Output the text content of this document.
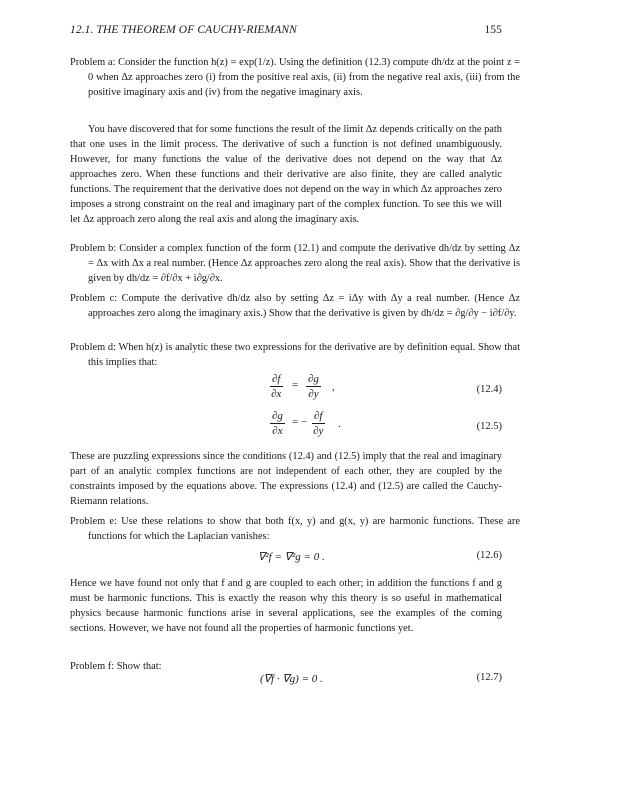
12.1. THE THEOREM OF CAUCHY-RIEMANN	155
Problem a: Consider the function h(z) = exp(1/z). Using the definition (12.3) compute dh/dz at the point z = 0 when Δz approaches zero (i) from the positive real axis, (ii) from the negative real axis, (iii) from the positive imaginary axis and (iv) from the negative imaginary axis.
You have discovered that for some functions the result of the limit Δz depends critically on the path that one uses in the limit process. The derivative of such a function is not defined unambiguously. However, for many functions the value of the derivative does not depend on the way that Δz approaches zero. When these functions and their derivative are also finite, they are called analytic functions. The requirement that the derivative does not depend on the way in which Δz approaches zero imposes a strong constraint on the real and imaginary part of the complex function. To see this we will let Δz approach zero along the real axis and along the imaginary axis.
Problem b: Consider a complex function of the form (12.1) and compute the derivative dh/dz by setting Δz = Δx with Δx a real number. (Hence Δz approaches zero along the real axis). Show that the derivative is given by dh/dz = ∂f/∂x + i∂g/∂x.
Problem c: Compute the derivative dh/dz also by setting Δz = iΔy with Δy a real number. (Hence Δz approaches zero along the imaginary axis.) Show that the derivative is given by dh/dz = ∂g/∂y − i∂f/∂y.
Problem d: When h(z) is analytic these two expressions for the derivative are by definition equal. Show that this implies that:
$\frac{\partial f}{\partial x} = \frac{\partial g}{\partial y}$ ,	(12.4)
$\frac{\partial g}{\partial x}$ = − $\frac{\partial f}{\partial y}$ .	(12.5)
These are puzzling expressions since the conditions (12.4) and (12.5) imply that the real and imaginary part of an analytic complex functions are not independent of each other, they are coupled by the constraints imposed by the equations above. The expressions (12.4) and (12.5) are called the Cauchy-Riemann relations.
Problem e: Use these relations to show that both f(x, y) and g(x, y) are harmonic functions. These are functions for which the Laplacian vanishes:
∇²f = ∇²g = 0 .	(12.6)
Hence we have found not only that f and g are coupled to each other; in addition the functions f and g must be harmonic functions. This is exactly the reason why this theory is so useful in mathematical physics because harmonic functions arise in several applications, see the examples of the coming sections. However, we have not found all the properties of harmonic functions yet.
Problem f: Show that:
(∇f · ∇g) = 0 .	(12.7)
